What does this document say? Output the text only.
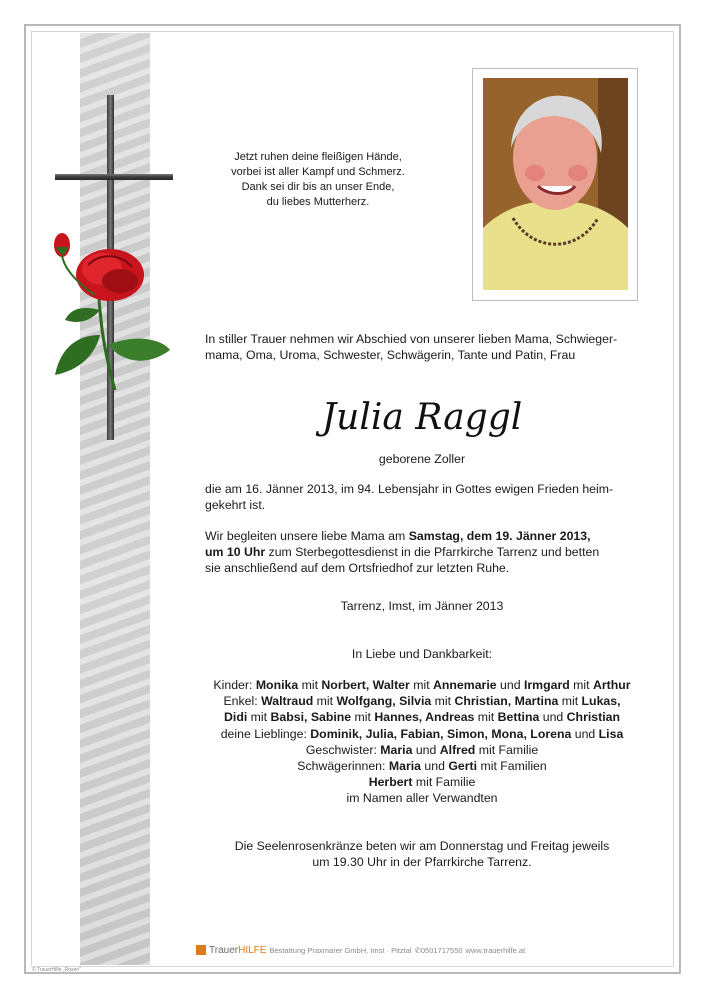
Jetzt ruhen deine fleißigen Hände,
vorbei ist aller Kampf und Schmerz.
Dank sei dir bis an unser Ende,
du liebes Mutterherz.
In stiller Trauer nehmen wir Abschied von unserer lieben Mama, Schwieger-
mama, Oma, Uroma, Schwester, Schwägerin, Tante und Patin, Frau
Julia Raggl
geborene Zoller
die am 16. Jänner 2013, im 94. Lebensjahr in Gottes ewigen Frieden heim-
gekehrt ist.
Wir begleiten unsere liebe Mama am Samstag, dem 19. Jänner 2013,
um 10 Uhr zum Sterbegottesdienst in die Pfarrkirche Tarrenz und betten
sie anschließend auf dem Ortsfriedhof zur letzten Ruhe.
Tarrenz, Imst, im Jänner 2013
In Liebe und Dankbarkeit:
Kinder: Monika mit Norbert, Walter mit Annemarie und Irmgard mit Arthur
Enkel: Waltraud mit Wolfgang, Silvia mit Christian, Martina mit Lukas,
Didi mit Babsi, Sabine mit Hannes, Andreas mit Bettina und Christian
deine Lieblinge: Dominik, Julia, Fabian, Simon, Mona, Lorena und Lisa
Geschwister: Maria und Alfred mit Familie
Schwägerinnen: Maria und Gerti mit Familien
Herbert mit Familie
im Namen aller Verwandten
Die Seelenrosenkränze beten wir am Donnerstag und Freitag jeweils
um 19.30 Uhr in der Pfarrkirche Tarrenz.
TrauerHILFE Bestattung Praxmarer GmbH, Imst · Pitztal ✆0501717550 www.trauerhilfe.at
© TrauerHilfe „Rosen“
